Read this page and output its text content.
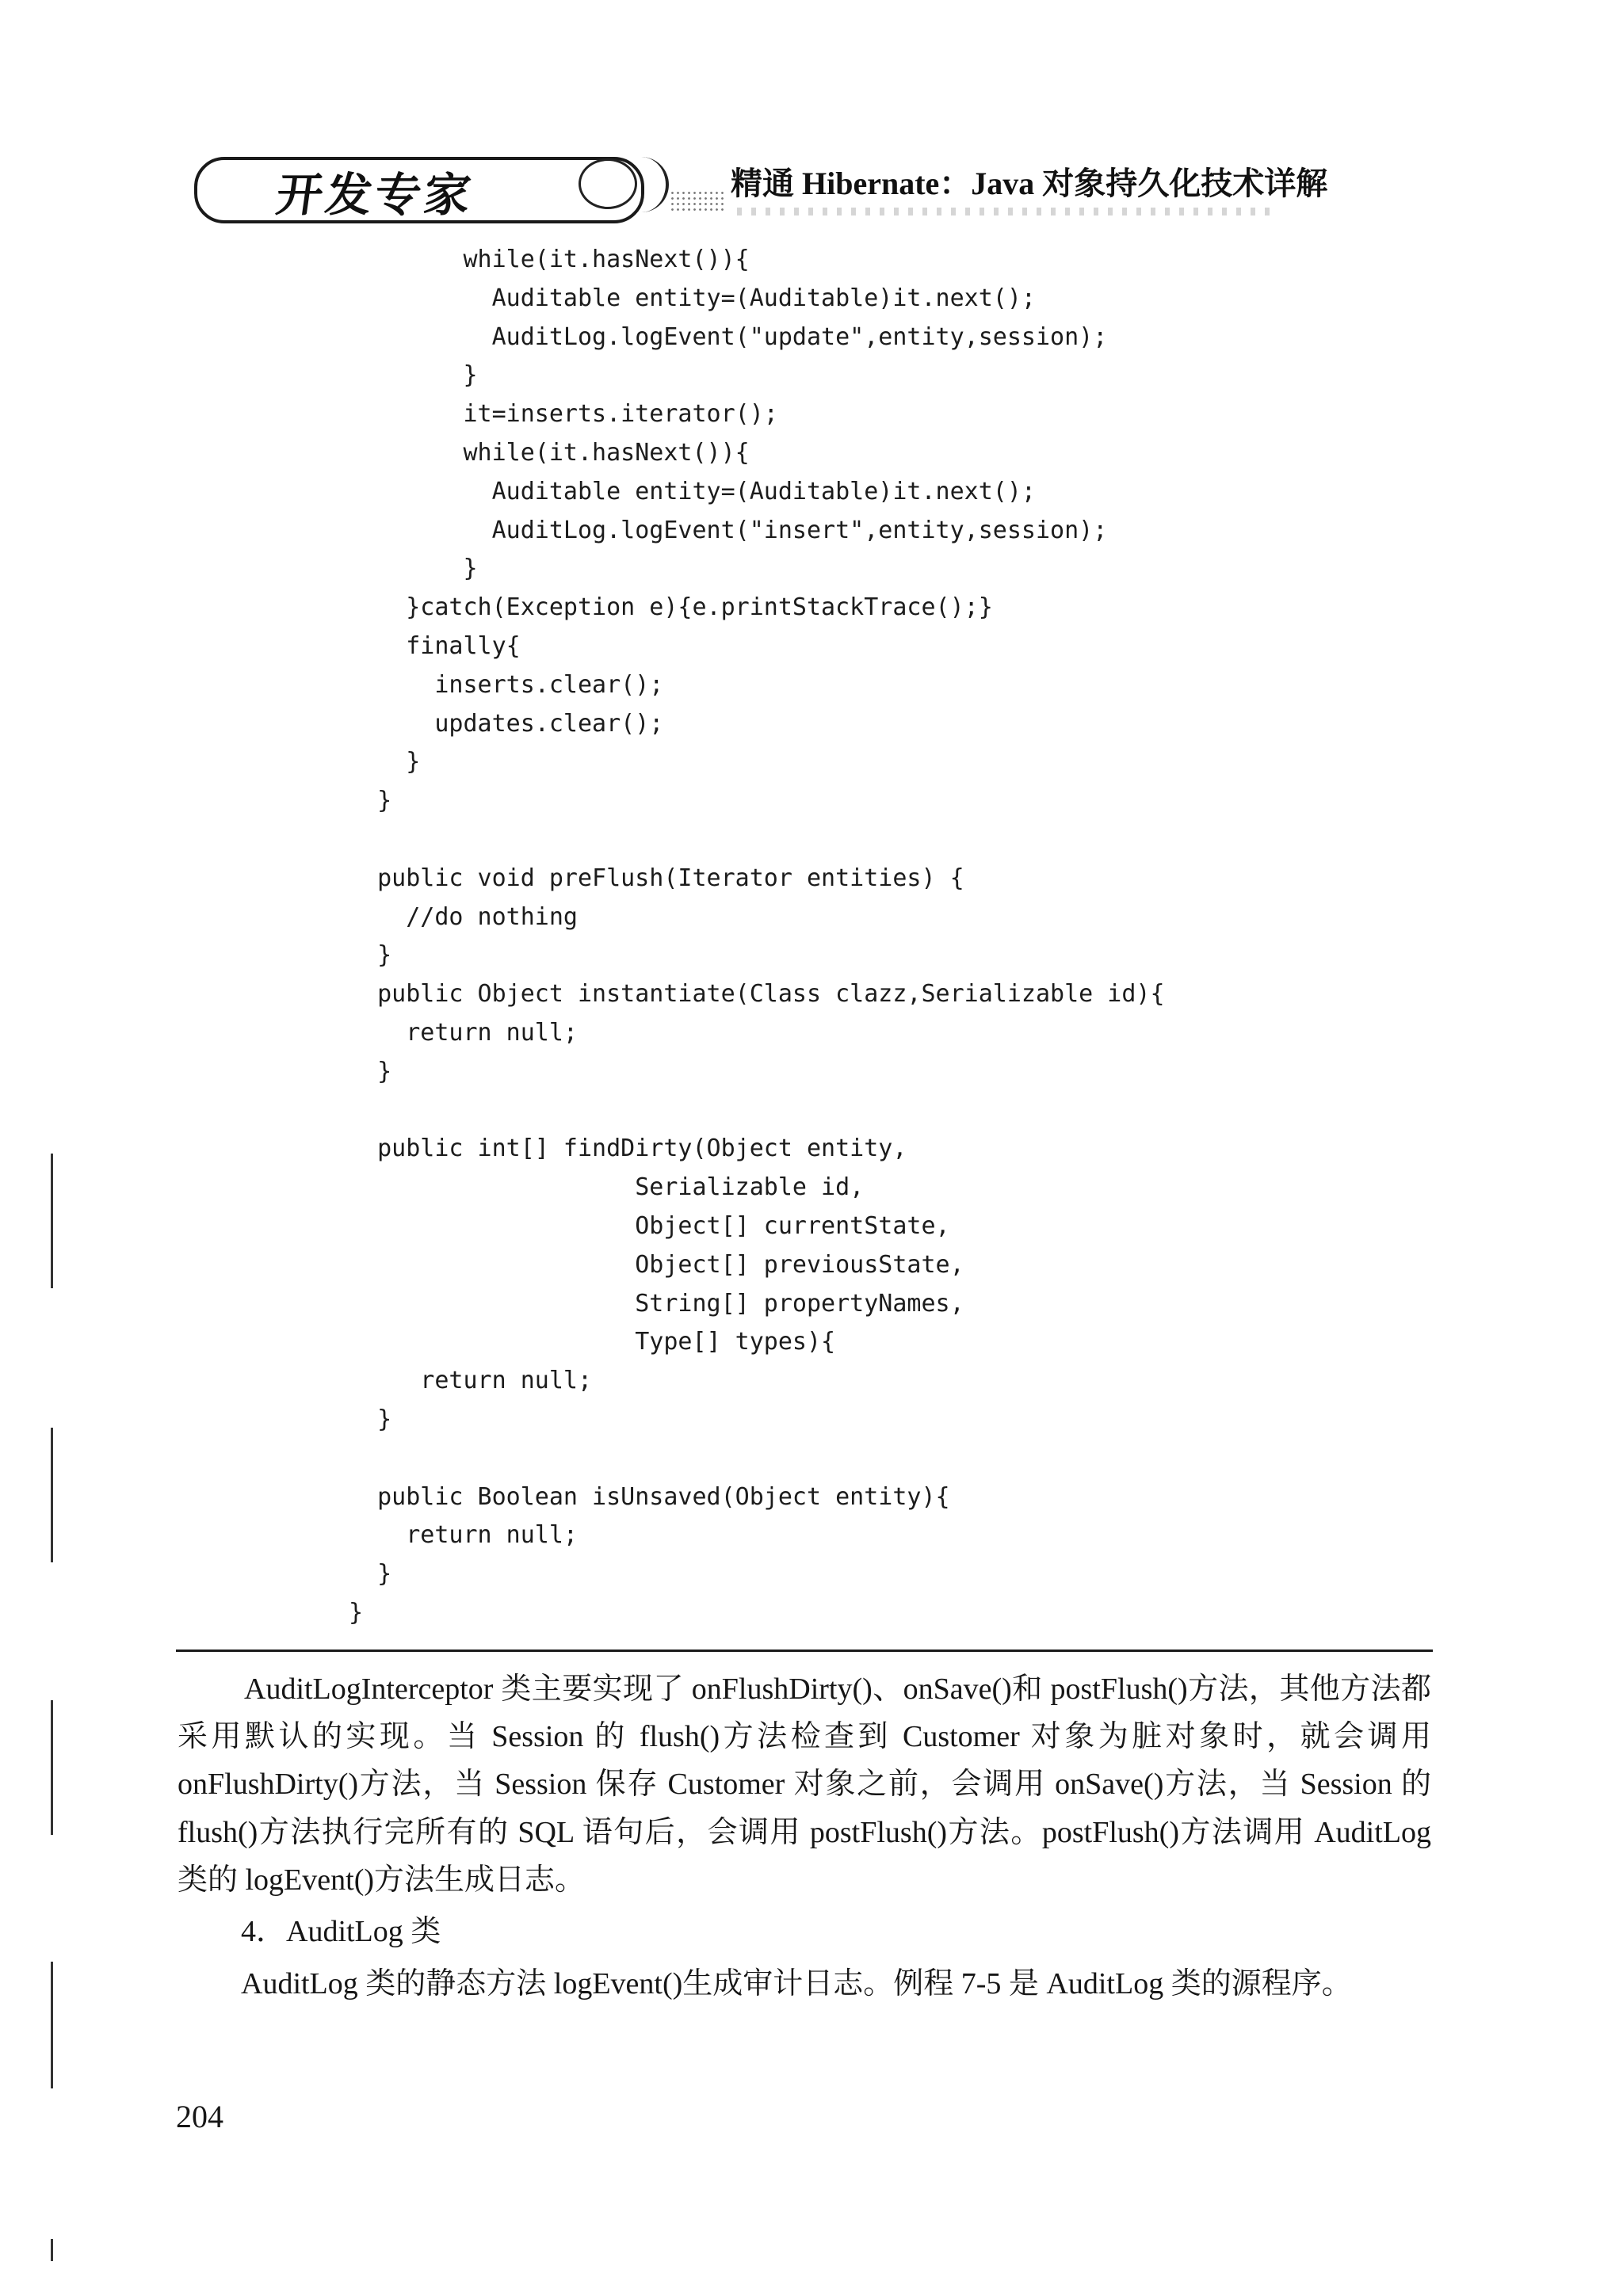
开发专家	精通 Hibernate：Java 对象持久化技术详解
while(it.hasNext()){
Auditable entity=(Auditable)it.next();
AuditLog.logEvent("update",entity,session);
}
it=inserts.iterator();
while(it.hasNext()){
Auditable entity=(Auditable)it.next();
AuditLog.logEvent("insert",entity,session);
}
}catch(Exception e){e.printStackTrace();}
finally{
inserts.clear();
updates.clear();
}
}

public void preFlush(Iterator entities) {
//do nothing
}
public Object instantiate(Class clazz,Serializable id){
return null;
}

public int[] findDirty(Object entity,
Serializable id,
Object[] currentState,
Object[] previousState,
String[] propertyNames,
Type[] types){
return null;
}

public Boolean isUnsaved(Object entity){
return null;
}
}

AuditLogInterceptor 类主要实现了 onFlushDirty()、onSave()和 postFlush()方法，其他方法都采用默认的实现。当 Session 的 flush()方法检查到 Customer 对象为脏对象时，就会调用 onFlushDirty()方法，当 Session 保存 Customer 对象之前，会调用 onSave()方法，当 Session 的 flush()方法执行完所有的 SQL 语句后，会调用 postFlush()方法。postFlush()方法调用 AuditLog 类的 logEvent()方法生成日志。

4．AuditLog 类

AuditLog 类的静态方法 logEvent()生成审计日志。例程 7-5 是 AuditLog 类的源程序。

204
